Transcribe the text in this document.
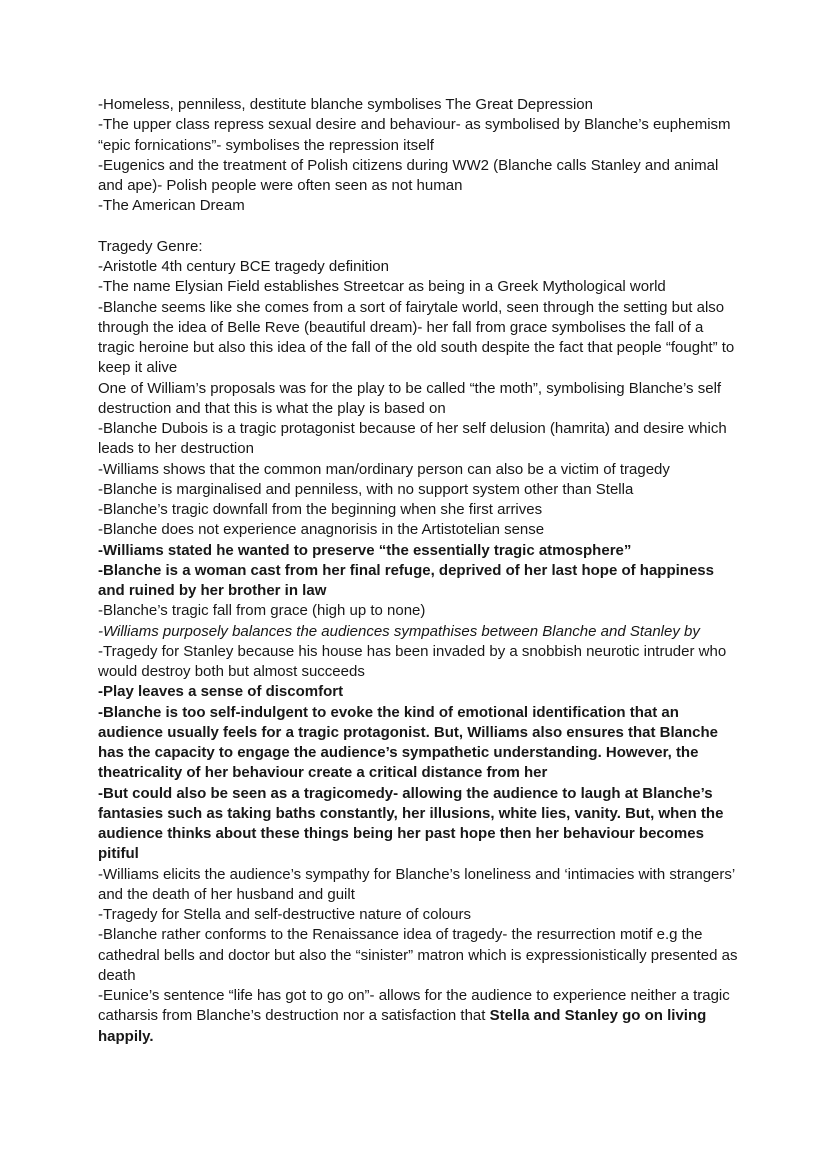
-Homeless, penniless, destitute blanche symbolises The Great Depression

-The upper class repress sexual desire and behaviour- as symbolised by Blanche’s euphemism “epic fornications”- symbolises the repression itself

-Eugenics and the treatment of Polish citizens during WW2 (Blanche calls Stanley and animal and ape)- Polish people were often seen as not human

-The American Dream

Tragedy Genre:

-Aristotle 4th century BCE tragedy definition

-The name Elysian Field establishes Streetcar as being in a Greek Mythological world

-Blanche seems like she comes from a sort of fairytale world, seen through the setting but also through the idea of Belle Reve (beautiful dream)- her fall from grace symbolises the fall of a tragic heroine but also this idea of the fall of the old south despite the fact that people “fought” to keep it alive

One of William’s proposals was for the play to be called “the moth”, symbolising Blanche’s self destruction and that this is what the play is based on

-Blanche Dubois is a tragic protagonist because of her self delusion (hamrita) and desire which leads to her destruction

-Williams shows that the common man/ordinary person can also be a victim of tragedy

-Blanche is marginalised and penniless, with no support system other than Stella

-Blanche’s tragic downfall from the beginning when she first arrives

-Blanche does not experience anagnorisis in the Artistotelian sense

-Williams stated he wanted to preserve “the essentially tragic atmosphere”

-Blanche is a woman cast from her final refuge, deprived of her last hope of happiness and ruined by her brother in law

-Blanche’s tragic fall from grace (high up to none)

-Williams purposely balances the audiences sympathises between Blanche and Stanley by

-Tragedy for Stanley because his house has been invaded by a snobbish neurotic intruder who would destroy both but almost succeeds

-Play leaves a sense of discomfort

-Blanche is too self-indulgent to evoke the kind of emotional identification that an audience usually feels for a tragic protagonist. But, Williams also ensures that Blanche has the capacity to engage the audience’s sympathetic understanding. However, the theatricality of her behaviour create a critical distance from her

-But could also be seen as a tragicomedy- allowing the audience to laugh at Blanche’s fantasies such as taking baths constantly, her illusions, white lies, vanity. But, when the audience thinks about these things being her past hope then her behaviour becomes pitiful

-Williams elicits the audience’s sympathy for Blanche’s loneliness and ‘intimacies with strangers’ and the death of her husband and guilt

-Tragedy for Stella and self-destructive nature of colours

-Blanche rather conforms to the Renaissance idea of tragedy- the resurrection motif e.g the cathedral bells and doctor but also the “sinister” matron which is expressionistically presented as death

-Eunice’s sentence “life has got to go on”- allows for the audience to experience neither a tragic catharsis from Blanche’s destruction nor a satisfaction that Stella and Stanley go on living happily.
